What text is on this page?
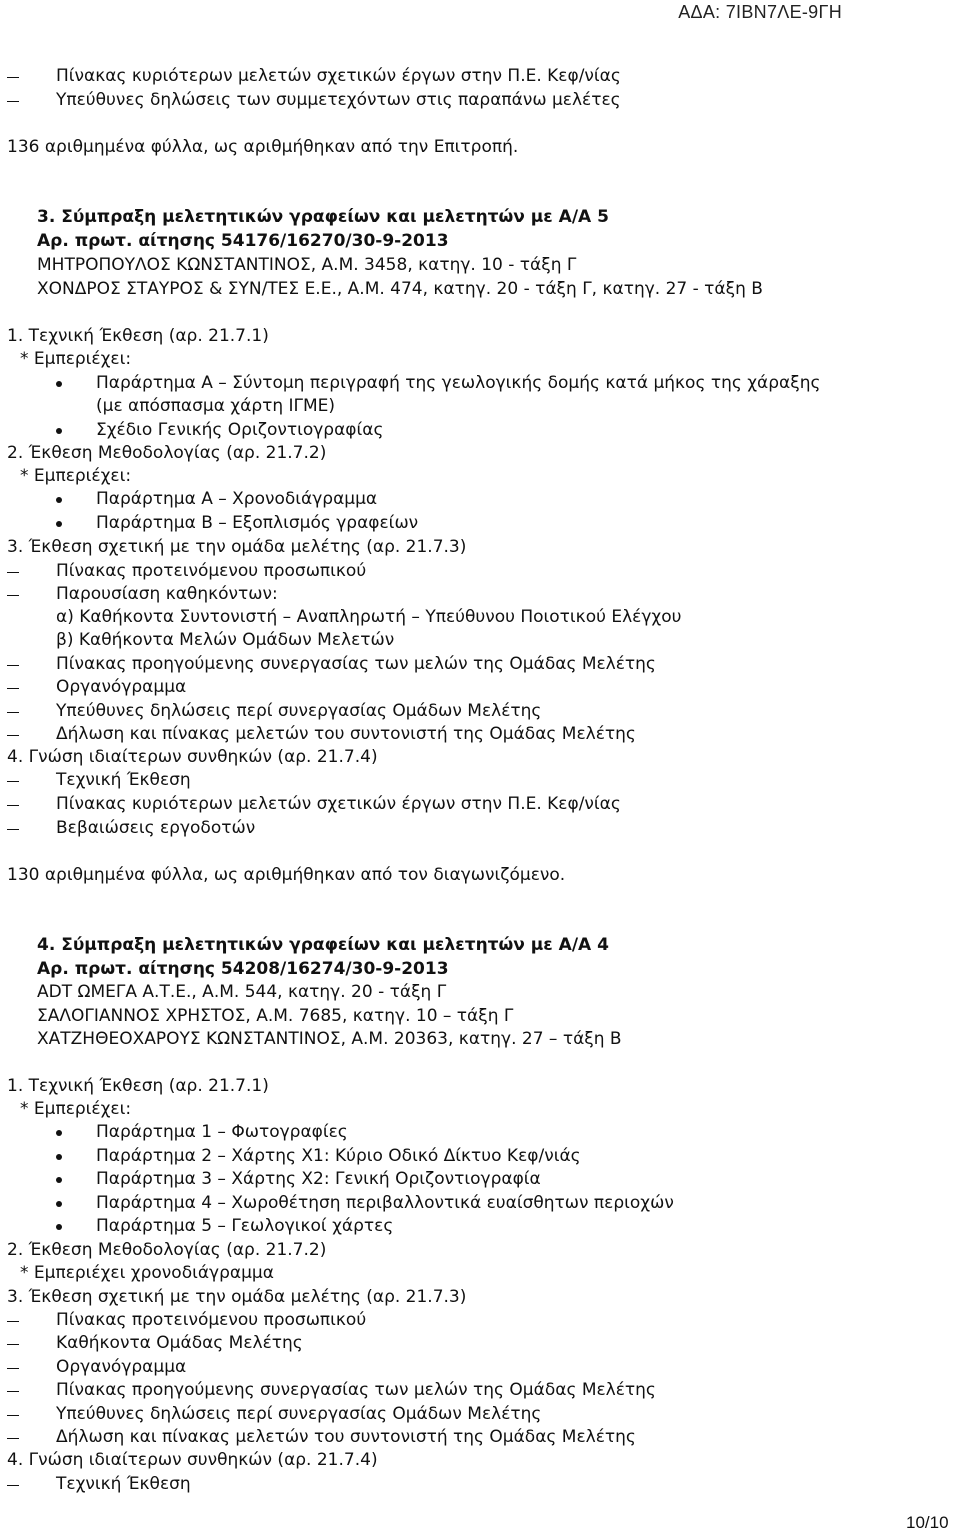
ΑΔΑ: 7ΙΒΝ7ΛΕ-9ΓΗ
Πίνακας κυριότερων μελετών σχετικών έργων στην Π.Ε. Κεφ/νίας
Υπεύθυνες δηλώσεις των συμμετεχόντων στις παραπάνω μελέτες
136 αριθμημένα φύλλα, ως αριθμήθηκαν από την Επιτροπή.
3. Σύμπραξη μελετητικών γραφείων και μελετητών με Α/Α 5
Αρ. πρωτ. αίτησης 54176/16270/30-9-2013
ΜΗΤΡΟΠΟΥΛΟΣ ΚΩΝΣΤΑΝΤΙΝΟΣ, Α.Μ. 3458, κατηγ. 10 - τάξη Γ
ΧΟΝΔΡΟΣ ΣΤΑΥΡΟΣ & ΣΥΝ/ΤΕΣ Ε.Ε., Α.Μ. 474, κατηγ. 20 - τάξη Γ, κατηγ. 27 - τάξη Β
1. Τεχνική Έκθεση (αρ. 21.7.1)
* Εμπεριέχει:
Παράρτημα Α – Σύντομη περιγραφή της γεωλογικής δομής κατά μήκος της χάραξης
(με απόσπασμα χάρτη ΙΓΜΕ)
Σχέδιο Γενικής Οριζοντιογραφίας
2. Έκθεση Μεθοδολογίας (αρ. 21.7.2)
* Εμπεριέχει:
Παράρτημα Α – Χρονοδιάγραμμα
Παράρτημα Β – Εξοπλισμός γραφείων
3. Έκθεση σχετική με την ομάδα μελέτης (αρ. 21.7.3)
Πίνακας προτεινόμενου προσωπικού
Παρουσίαση καθηκόντων:
α) Καθήκοντα Συντονιστή – Αναπληρωτή – Υπεύθυνου Ποιοτικού Ελέγχου
β) Καθήκοντα Μελών Ομάδων Μελετών
Πίνακας προηγούμενης συνεργασίας των μελών της Ομάδας Μελέτης
Οργανόγραμμα
Υπεύθυνες δηλώσεις περί συνεργασίας Ομάδων Μελέτης
Δήλωση και πίνακας μελετών του συντονιστή της Ομάδας Μελέτης
4. Γνώση ιδιαίτερων συνθηκών (αρ. 21.7.4)
Τεχνική Έκθεση
Πίνακας κυριότερων μελετών σχετικών έργων στην Π.Ε. Κεφ/νίας
Βεβαιώσεις εργοδοτών
130 αριθμημένα φύλλα, ως αριθμήθηκαν από τον διαγωνιζόμενο.
4. Σύμπραξη μελετητικών γραφείων και μελετητών με Α/Α 4
Αρ. πρωτ. αίτησης 54208/16274/30-9-2013
ADT ΩΜΕΓΑ Α.Τ.Ε., Α.Μ. 544, κατηγ. 20 - τάξη Γ
ΣΑΛΟΓΙΑΝΝΟΣ ΧΡΗΣΤΟΣ, Α.Μ. 7685, κατηγ. 10 – τάξη Γ
ΧΑΤΖΗΘΕΟΧΑΡΟΥΣ ΚΩΝΣΤΑΝΤΙΝΟΣ, Α.Μ. 20363, κατηγ. 27 – τάξη Β
1. Τεχνική Έκθεση (αρ. 21.7.1)
* Εμπεριέχει:
Παράρτημα 1 – Φωτογραφίες
Παράρτημα 2 – Χάρτης Χ1: Κύριο Οδικό Δίκτυο Κεφ/νιάς
Παράρτημα 3 – Χάρτης Χ2: Γενική Οριζοντιογραφία
Παράρτημα 4 – Χωροθέτηση περιβαλλοντικά ευαίσθητων περιοχών
Παράρτημα 5 – Γεωλογικοί χάρτες
2. Έκθεση Μεθοδολογίας (αρ. 21.7.2)
* Εμπεριέχει χρονοδιάγραμμα
3. Έκθεση σχετική με την ομάδα μελέτης (αρ. 21.7.3)
Πίνακας προτεινόμενου προσωπικού
Καθήκοντα Ομάδας Μελέτης
Οργανόγραμμα
Πίνακας προηγούμενης συνεργασίας των μελών της Ομάδας Μελέτης
Υπεύθυνες δηλώσεις περί συνεργασίας Ομάδων Μελέτης
Δήλωση και πίνακας μελετών του συντονιστή της Ομάδας Μελέτης
4. Γνώση ιδιαίτερων συνθηκών (αρ. 21.7.4)
Τεχνική Έκθεση
10/10
